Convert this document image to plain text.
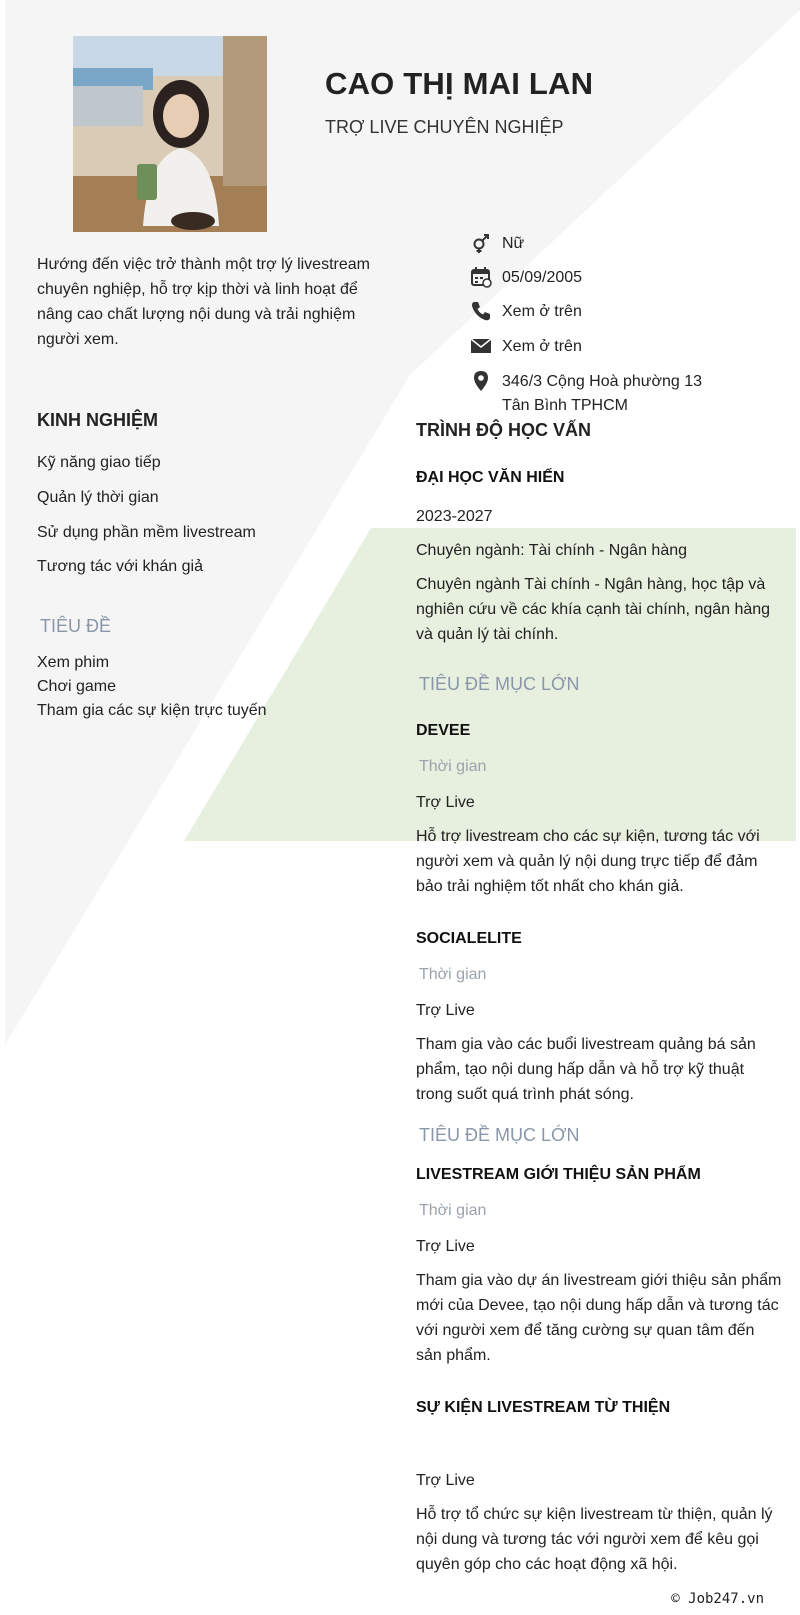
CAO THỊ MAI LAN
TRỢ LIVE CHUYÊN NGHIỆP
Hướng đến việc trở thành một trợ lý livestream chuyên nghiệp, hỗ trợ kịp thời và linh hoạt để nâng cao chất lượng nội dung và trải nghiệm người xem.
Nữ
05/09/2005
Xem ở trên
Xem ở trên
346/3 Cộng Hoà phường 13
Tân Bình TPHCM
KINH NGHIỆM
Kỹ năng giao tiếp
Quản lý thời gian
Sử dụng phần mềm livestream
Tương tác với khán giả
TIÊU ĐỀ
Xem phim
Chơi game
Tham gia các sự kiện trực tuyến
TRÌNH ĐỘ HỌC VẤN
ĐẠI HỌC VĂN HIẾN
2023-2027
Chuyên ngành: Tài chính - Ngân hàng
Chuyên ngành Tài chính - Ngân hàng, học tập và nghiên cứu về các khía cạnh tài chính, ngân hàng và quản lý tài chính.
TIÊU ĐỀ MỤC LỚN
DEVEE
Thời gian
Trợ Live
Hỗ trợ livestream cho các sự kiện, tương tác với người xem và quản lý nội dung trực tiếp để đảm bảo trải nghiệm tốt nhất cho khán giả.
SOCIALELITE
Thời gian
Trợ Live
Tham gia vào các buổi livestream quảng bá sản phẩm, tạo nội dung hấp dẫn và hỗ trợ kỹ thuật trong suốt quá trình phát sóng.
TIÊU ĐỀ MỤC LỚN
LIVESTREAM GIỚI THIỆU SẢN PHẨM
Thời gian
Trợ Live
Tham gia vào dự án livestream giới thiệu sản phẩm mới của Devee, tạo nội dung hấp dẫn và tương tác với người xem để tăng cường sự quan tâm đến sản phẩm.
SỰ KIỆN LIVESTREAM TỪ THIỆN
Trợ Live
Hỗ trợ tổ chức sự kiện livestream từ thiện, quản lý nội dung và tương tác với người xem để kêu gọi quyên góp cho các hoạt động xã hội.
© Job247.vn
